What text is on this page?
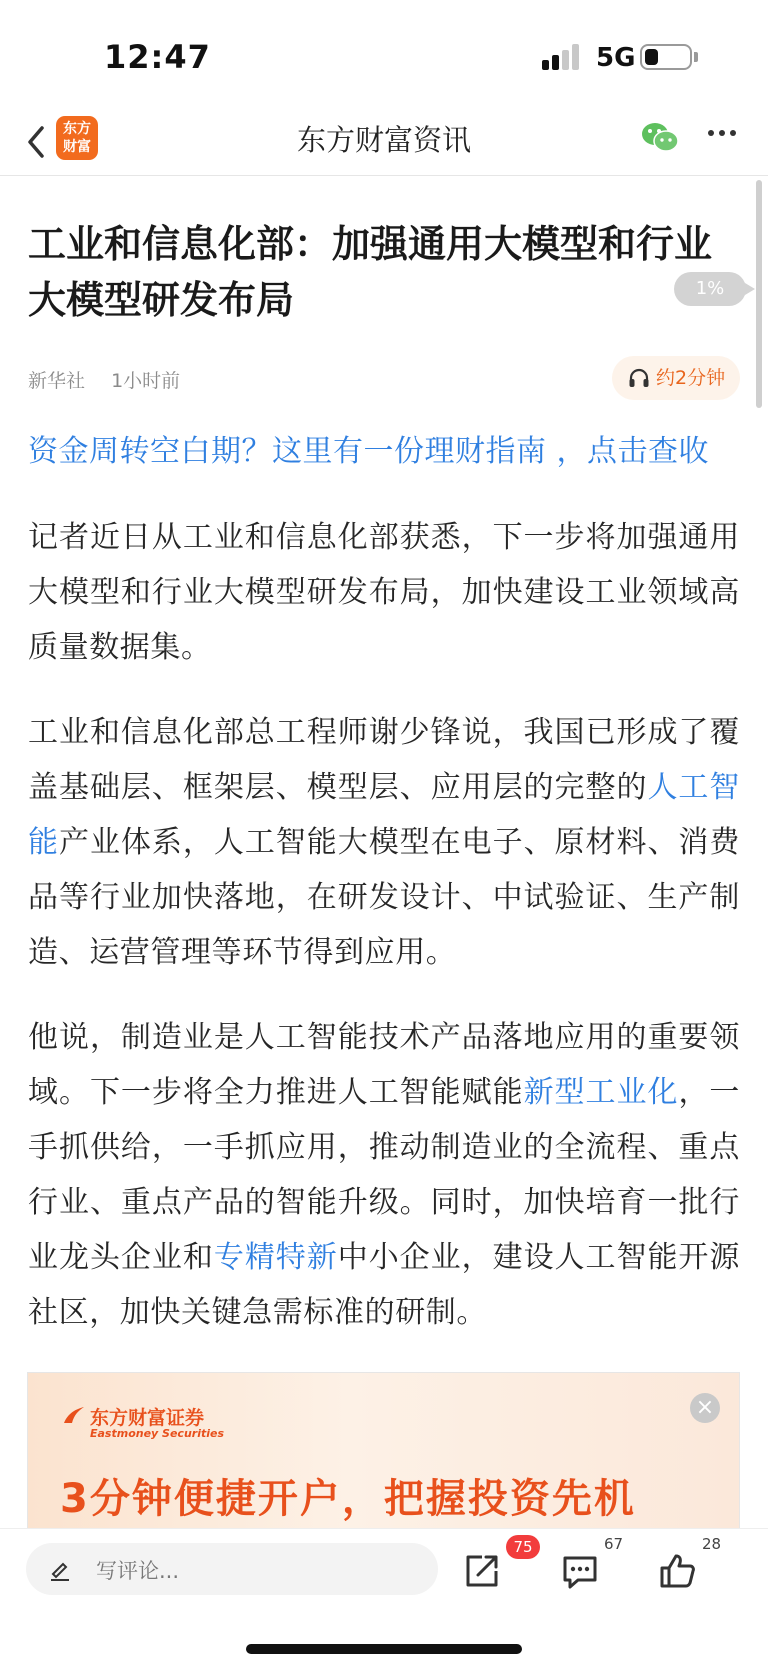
12:47	5G
东方
财富	东方财富资讯
1%
工业和信息化部：加强通用大模型和行业大模型研发布局
新华社 1小时前	约2分钟
资金周转空白期？这里有一份理财指南 ，点击查收

记者近日从工业和信息化部获悉，下一步将加强通用大模型和行业大模型研发布局，加快建设工业领域高质量数据集。

工业和信息化部总工程师谢少锋说，我国已形成了覆盖基础层、框架层、模型层、应用层的完整的人工智能产业体系，人工智能大模型在电子、原材料、消费品等行业加快落地，在研发设计、中试验证、生产制造、运营管理等环节得到应用。

他说，制造业是人工智能技术产品落地应用的重要领域。下一步将全力推进人工智能赋能新型工业化，一手抓供给，一手抓应用，推动制造业的全流程、重点行业、重点产品的智能升级。同时，加快培育一批行业龙头企业和专精特新中小企业，建设人工智能开源社区，加快关键急需标准的研制。

东方财富证券
Eastmoney Securities
×
3分钟便捷开户，把握投资先机
写评论...
75	67	28
